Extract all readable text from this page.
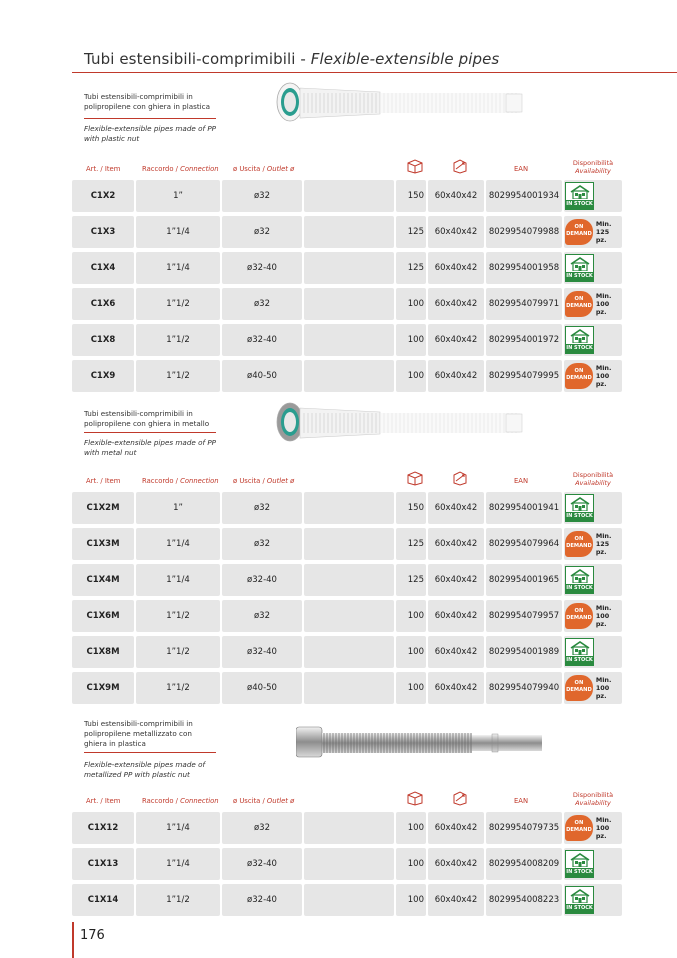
Tubi estensibili-comprimibili - Flexible-extensible pipes
Tubi estensibili-comprimibili in
polipropilene con ghiera in plastica
Flexible-extensible pipes made of PP
with plastic nut
Art. / Item	Raccordo / Connection ø Uscita / Outlet ø	EAN
Disponibilità
Availability
C1X2	1”	ø32	150	60x40x42	8029954001934
IN STOCK
C1X3	1”1/4	ø32	125	60x40x42	8029954079988	ON
DEMAND
Min.
125 pz.
C1X4	1”1/4	ø32-40	125	60x40x42	8029954001958
IN STOCK
C1X6	1”1/2	ø32	100	60x40x42	8029954079971	ON
DEMAND
Min.
100 pz.
C1X8	1”1/2	ø32-40	100	60x40x42	8029954001972
IN STOCK
C1X9	1”1/2	ø40-50	100	60x40x42	8029954079995	ON
DEMAND
Min.
100 pz.
Tubi estensibili-comprimibili in
polipropilene con ghiera in metallo
Flexible-extensible pipes made of PP
with metal nut
Art. / Item	Raccordo / Connection ø Uscita / Outlet ø	EAN
Disponibilità
Availability
C1X2M	1”	ø32	150	60x40x42	8029954001941
IN STOCK
C1X3M	1”1/4	ø32	125	60x40x42	8029954079964	ON
DEMAND
Min.
125 pz.
C1X4M	1”1/4	ø32-40	125	60x40x42	8029954001965
IN STOCK
C1X6M	1”1/2	ø32	100	60x40x42	8029954079957	ON
DEMAND
Min.
100 pz.
C1X8M	1”1/2	ø32-40	100	60x40x42	8029954001989
IN STOCK
C1X9M	1”1/2	ø40-50	100	60x40x42	8029954079940	ON
DEMAND
Min.
100 pz.
Tubi estensibili-comprimibili in
polipropilene metallizzato con
ghiera in plastica
Flexible-extensible pipes made of
metallized PP with plastic nut
Art. / Item	Raccordo / Connection ø Uscita / Outlet ø	EAN
Disponibilità
Availability
C1X12	1”1/4	ø32	100	60x40x42	8029954079735	ON
DEMAND
Min.
100 pz.
C1X13	1”1/4	ø32-40	100	60x40x42	8029954008209
IN STOCK
C1X14	1”1/2	ø32-40	100	60x40x42	8029954008223
IN STOCK
176
